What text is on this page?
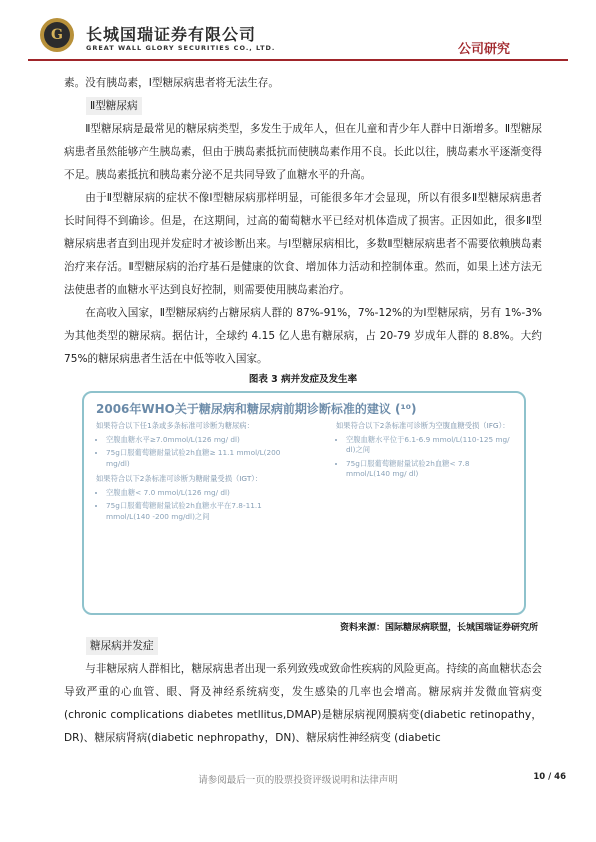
G	长城国瑞证券有限公司
GREAT WALL GLORY SECURITIES CO., LTD.	公司研究

素。没有胰岛素，Ⅰ型糖尿病患者将无法生存。

Ⅱ型糖尿病

Ⅱ型糖尿病是最常见的糖尿病类型，多发生于成年人，但在儿童和青少年人群中日渐增多。Ⅱ型糖尿病患者虽然能够产生胰岛素，但由于胰岛素抵抗而使胰岛素作用不良。长此以往，胰岛素水平逐渐变得不足。胰岛素抵抗和胰岛素分泌不足共同导致了血糖水平的升高。

由于Ⅱ型糖尿病的症状不像Ⅰ型糖尿病那样明显，可能很多年才会显现，所以有很多Ⅱ型糖尿病患者长时间得不到确诊。但是，在这期间，过高的葡萄糖水平已经对机体造成了损害。正因如此，很多Ⅱ型糖尿病患者直到出现并发症时才被诊断出来。与Ⅰ型糖尿病相比，多数Ⅱ型糖尿病患者不需要依赖胰岛素治疗来存活。Ⅱ型糖尿病的治疗基石是健康的饮食、增加体力活动和控制体重。然而，如果上述方法无法使患者的血糖水平达到良好控制，则需要使用胰岛素治疗。

在高收入国家，Ⅱ型糖尿病约占糖尿病人群的 87%-91%，7%-12%的为Ⅰ型糖尿病，另有 1%-3%为其他类型的糖尿病。据估计，全球约 4.15 亿人患有糖尿病，占 20-79 岁成年人群的 8.8%。大约 75%的糖尿病患者生活在中低等收入国家。

图表 3 病并发症及发生率
2006年WHO关于糖尿病和糖尿病前期诊断标准的建议 (¹⁰)
如果符合以下任1条或多条标准可诊断为糖尿病：
• 空腹血糖水平≥7.0mmol/L(126 mg/ dl)
• 75g口服葡萄糖耐量试验2h血糖≥ 11.1 mmol/L(200 mg/dl)
如果符合以下2条标准可诊断为糖耐量受损（IGT）：
• 空腹血糖< 7.0 mmol/L(126 mg/ dl)
• 75g口服葡萄糖耐量试验2h血糖水平在7.8-11.1 mmol/L(140 -200 mg/dl)之间
如果符合以下2条标准可诊断为空腹血糖受损（IFG）：
• 空腹血糖水平位于6.1-6.9 mmol/L(110-125 mg/ dl)之间
• 75g口服葡萄糖耐量试验2h血糖< 7.8 mmol/L(140 mg/ dl)
资料来源：国际糖尿病联盟，长城国瑞证券研究所
糖尿病并发症

与非糖尿病人群相比，糖尿病患者出现一系列致残或致命性疾病的风险更高。持续的高血糖状态会导致严重的心血管、眼、肾及神经系统病变，发生感染的几率也会增高。糖尿病并发微血管病变(chronic complications diabetes metllitus,DMAP)是糖尿病视网膜病变(diabetic retinopathy，DR)、糖尿病肾病(diabetic nephropathy，DN)、糖尿病性神经病变 (diabetic

请参阅最后一页的股票投资评级说明和法律声明	10 / 46
